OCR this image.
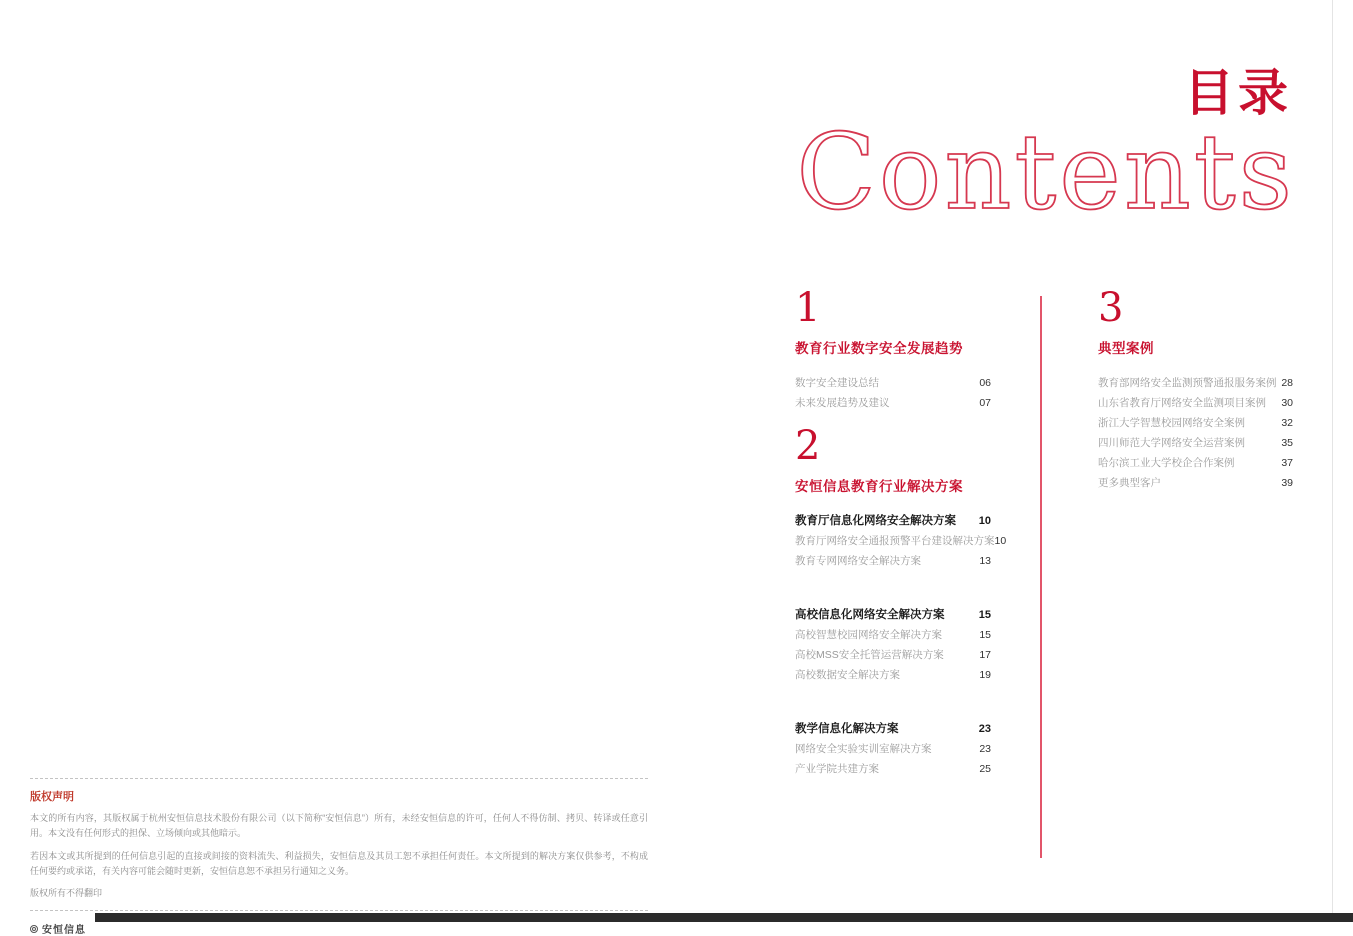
目录
Contents
1
教育行业数字安全发展趋势
数字安全建设总结	06
未来发展趋势及建议	07
2
安恒信息教育行业解决方案
教育厅信息化网络安全解决方案 10
教育厅网络安全通报预警平台建设解决方案 10
教育专网网络安全解决方案	13
高校信息化网络安全解决方案	15
高校智慧校园网络安全解决方案	15
高校MSS安全托管运营解决方案	17
高校数据安全解决方案	19
教学信息化解决方案	23
网络安全实验实训室解决方案	23
产业学院共建方案	25
3
典型案例
教育部网络安全监测预警通报服务案例 28
山东省教育厅网络安全监测项目案例 30
浙江大学智慧校园网络安全案例	32
四川师范大学网络安全运营案例	35
哈尔滨工业大学校企合作案例	37
更多典型客户	39
版权声明

本文的所有内容，其版权属于杭州安恒信息技术股份有限公司（以下简称“安恒信息”）所有，未经安恒信息的许可，任何人不得仿制、拷贝、转译或任意引用。本文没有任何形式的担保、立场倾向或其他暗示。

若因本文或其所提到的任何信息引起的直接或间接的资料流失、利益损失，安恒信息及其员工恕不承担任何责任。本文所提到的解决方案仅供参考，不构成任何要约或承诺，有关内容可能会随时更新，安恒信息恕不承担另行通知之义务。

版权所有不得翻印
安恒信息
